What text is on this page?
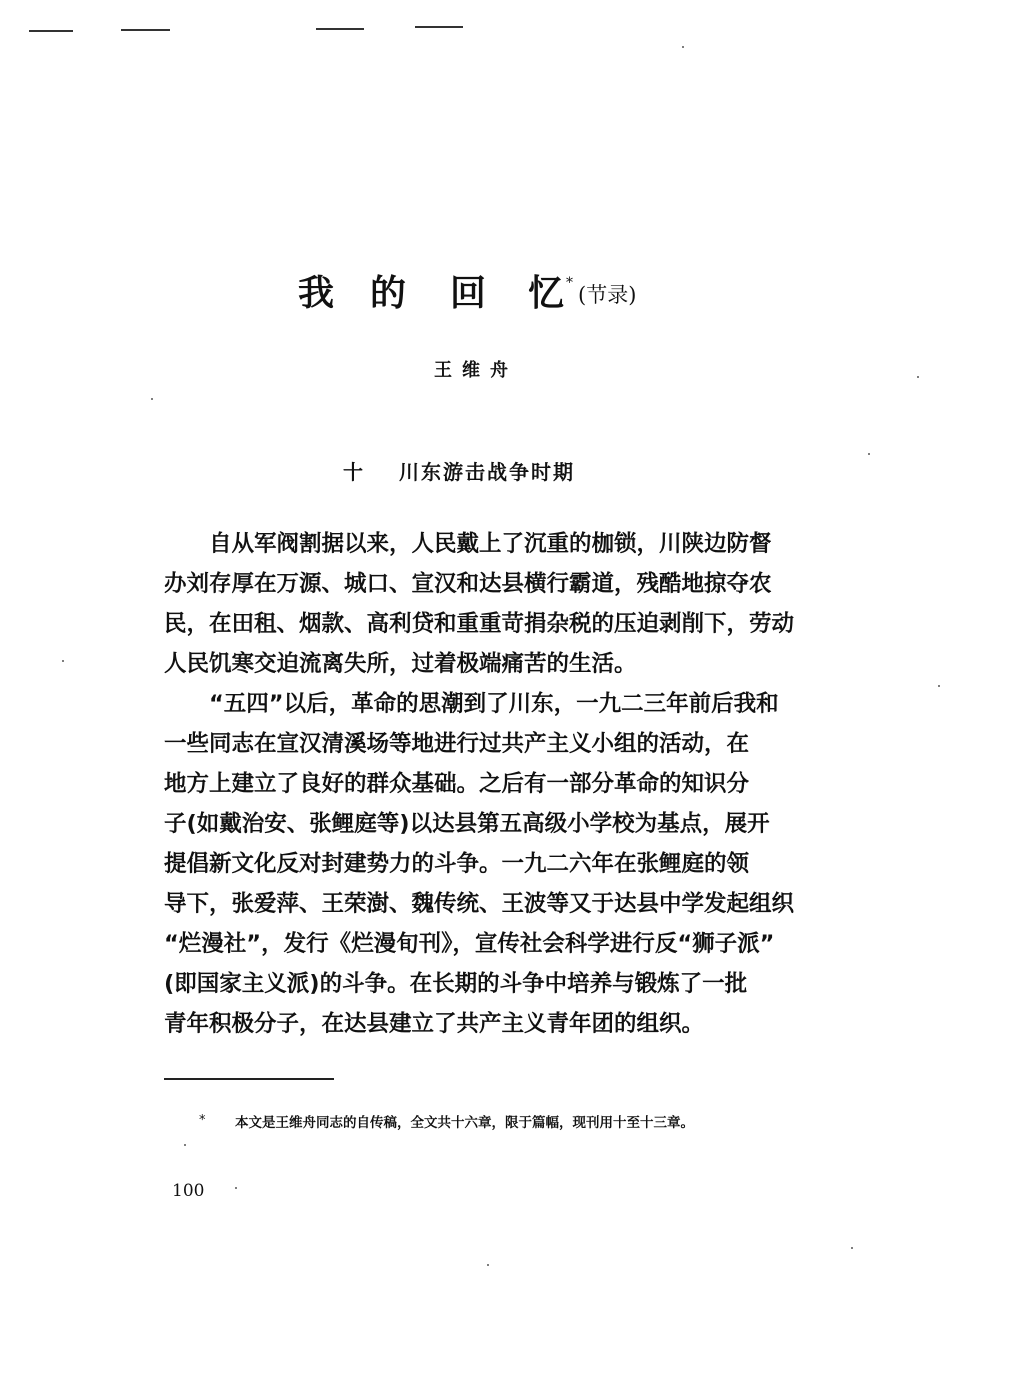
我 的 回 忆 * (节录)
王维舟
十 川东游击战争时期
　　自从军阀割据以来，人民戴上了沉重的枷锁，川陕边防督
办刘存厚在万源、城口、宣汉和达县横行霸道，残酷地掠夺农
民，在田租、烟款、高利贷和重重苛捐杂税的压迫剥削下，劳动
人民饥寒交迫流离失所，过着极端痛苦的生活。
　　“五四”以后，革命的思潮到了川东，一九二三年前后我和
一些同志在宣汉清溪场等地进行过共产主义小组的活动，在
地方上建立了良好的群众基础。之后有一部分革命的知识分
子(如戴治安、张鲤庭等)以达县第五高级小学校为基点，展开
提倡新文化反对封建势力的斗争。一九二六年在张鲤庭的领
导下，张爱萍、王荣澍、魏传统、王波等又于达县中学发起组织
“烂漫社”，发行《烂漫旬刊》，宣传社会科学进行反“狮子派”
(即国家主义派)的斗争。在长期的斗争中培养与锻炼了一批
青年积极分子，在达县建立了共产主义青年团的组织。
* 本文是王维舟同志的自传稿，全文共十六章，限于篇幅，现刊用十至十三章。
100
